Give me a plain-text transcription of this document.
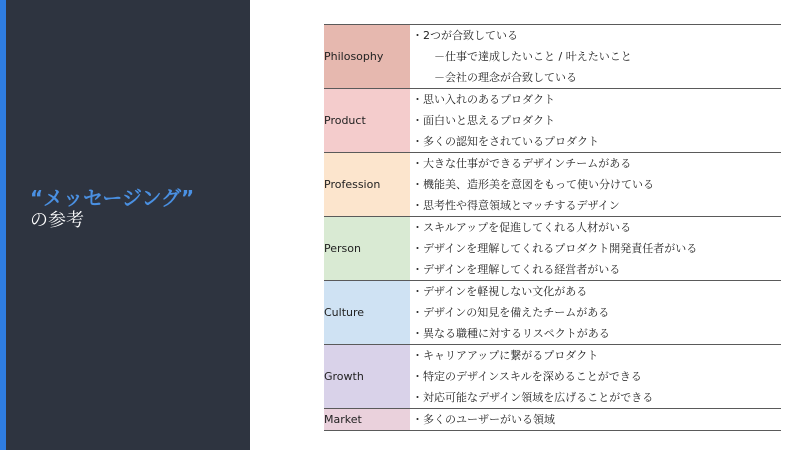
“メッセージング”
の参考
Philosophy	・2つが合致している
－仕事で達成したいこと / 叶えたいこと
－会社の理念が合致している

Product	・思い入れのあるプロダクト
・面白いと思えるプロダクト
・多くの認知をされているプロダクト

Profession	・大きな仕事ができるデザインチームがある
・機能美、造形美を意図をもって使い分けている
・思考性や得意領域とマッチするデザイン

Person	・スキルアップを促進してくれる人材がいる
・デザインを理解してくれるプロダクト開発責任者がいる
・デザインを理解してくれる経営者がいる

Culture	・デザインを軽視しない文化がある
・デザインの知見を備えたチームがある
・異なる職種に対するリスペクトがある

Growth	・キャリアアップに繋がるプロダクト
・特定のデザインスキルを深めることができる
・対応可能なデザイン領域を広げることができる

Market	・多くのユーザーがいる領域
